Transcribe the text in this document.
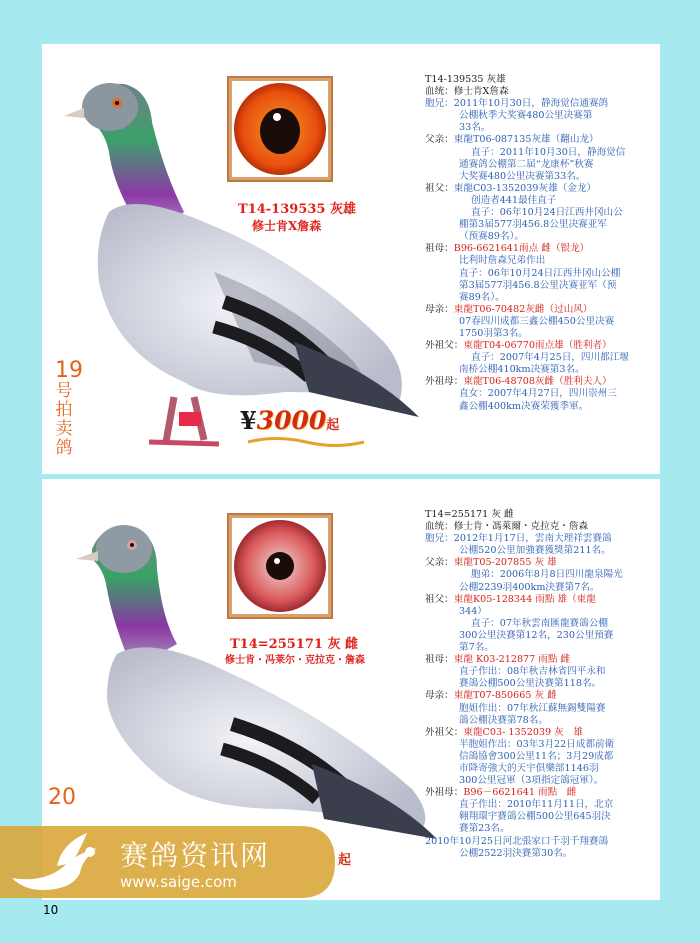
T14-139535 灰雄
修士肯X詹森
19
号
拍
卖
鸽
¥3000起
T14-139535 灰雄
血统：修士肯X詹森
胞兄：2011年10月30日，静海觉信通赛鸽
公棚秋季大奖赛480公里决赛第
33名。
父亲：東龍T06-087135灰雄（翻山龙）
直子：2011年10月30日，静海觉信
通赛鸽公棚第二届“龙康杯”秋赛
大奖赛480公里决赛第33名。
祖父：東龍C03-1352039灰雄（金龙）
创造者441最佳直子
直子：06年10月24日江西井冈山公
棚第3届577羽456.8公里决赛亚军
（预赛89名）。
祖母：B96-6621641雨点 雌（银龙）
比利时詹森兄弟作出
直子：06年10月24日江西井冈山公棚
第3届577羽456.8公里决赛亚军（预
赛89名）。
母亲：東龍T06-70482灰雌（过山风）
07春四川成都三鑫公棚450公里决赛
1750羽第3名。
外祖父：東龍T04-06770雨点雄（胜利者）
直子：2007年4月25日，四川都江堰
南桥公棚410km决赛第3名。
外祖母：東龍T06-48708灰雌（胜利夫人）
直女：2007年4月27日，四川崇州三
鑫公棚400km决赛荣獲季軍。
T14=255171 灰 雌
修士肯・冯莱尔・克拉克・詹森
20
起
T14=255171 灰 雌
血统：修士肯・馮萊爾・克拉克・詹森
胞兄：2012年1月17日，雲南大理祥雲賽鴿
公棚520公里加強賽獲獎第211名。
父亲：東龍T05-207855 灰 雄
胞弟：2006年8月8日四川龍泉陽光
公棚2239羽400km決賽第7名。
祖父：東龍K05-128344 雨點 雄（東龍
344）
直子：07年秋雲南匯龍賽鴿公棚
300公里決賽第12名，230公里預賽
第7名。
祖母：東龍 K03-212877 雨點 雌
直子作出：08年秋吉林省四平永和
賽鴿公棚500公里決賽第118名。
母亲：東龍T07-850665 灰 雌
胞姐作出：07年秋江蘇無錫雙陽賽
鴿公棚決賽第78名。
外祖父：東龍C03- 1352039 灰　雄
半胞姐作出：03年3月22日成都前衛
信鴿協會300公里11名；3月29成都
市降寄強大的天宇俱樂部1146羽
300公里冠軍（3項指定鴿冠軍）。
外祖母：B96－6621641 雨點　雌
直子作出：2010年11月11日，北京
翱翔環宇賽鴿公棚500公里645羽決
賽第23名。
2010年10月25日河北張家口千羽千翔賽鴿
公棚2522羽決賽第30名。
赛鸽资讯网
www.saige.com
10
